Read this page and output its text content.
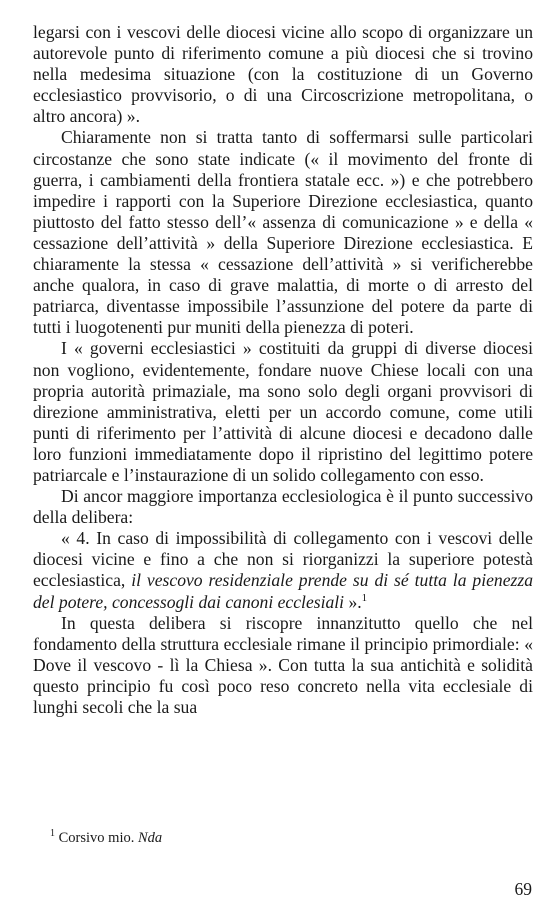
legarsi con i vescovi delle diocesi vicine allo scopo di organizzare un autorevole punto di riferimento comune a più diocesi che si trovino nella medesima situazione (con la costituzione di un Governo ecclesiastico provvisorio, o di una Circoscrizione metropolitana, o altro ancora) ».

Chiaramente non si tratta tanto di soffermarsi sulle particolari circostanze che sono state indicate (« il movimento del fronte di guerra, i cambiamenti della frontiera statale ecc. ») e che potrebbero impedire i rapporti con la Superiore Direzione ecclesiastica, quanto piuttosto del fatto stesso dell’« assenza di comunicazione » e della « cessazione dell’attività » della Superiore Direzione ecclesiastica. E chiaramente la stessa « cessazione dell’attività » si verificherebbe anche qualora, in caso di grave malattia, di morte o di arresto del patriarca, diventasse impossibile l’assunzione del potere da parte di tutti i luogotenenti pur muniti della pienezza di poteri.

I « governi ecclesiastici » costituiti da gruppi di diverse diocesi non vogliono, evidentemente, fondare nuove Chiese locali con una propria autorità primaziale, ma sono solo degli organi provvisori di direzione amministrativa, eletti per un accordo comune, come utili punti di riferimento per l’attività di alcune diocesi e decadono dalle loro funzioni immediatamente dopo il ripristino del legittimo potere patriarcale e l’instaurazione di un solido collegamento con esso.

Di ancor maggiore importanza ecclesiologica è il punto successivo della delibera:

« 4. In caso di impossibilità di collegamento con i vescovi delle diocesi vicine e fino a che non si riorganizzi la superiore potestà ecclesiastica, il vescovo residenziale prende su di sé tutta la pienezza del potere, concessogli dai canoni ecclesiali ».$^1$

In questa delibera si riscopre innanzitutto quello che nel fondamento della struttura ecclesiale rimane il principio primordiale: « Dove il vescovo - lì la Chiesa ». Con tutta la sua antichità e solidità questo principio fu così poco reso concreto nella vita ecclesiale di lunghi secoli che la sua

$^1$ Corsivo mio. Nda
69
